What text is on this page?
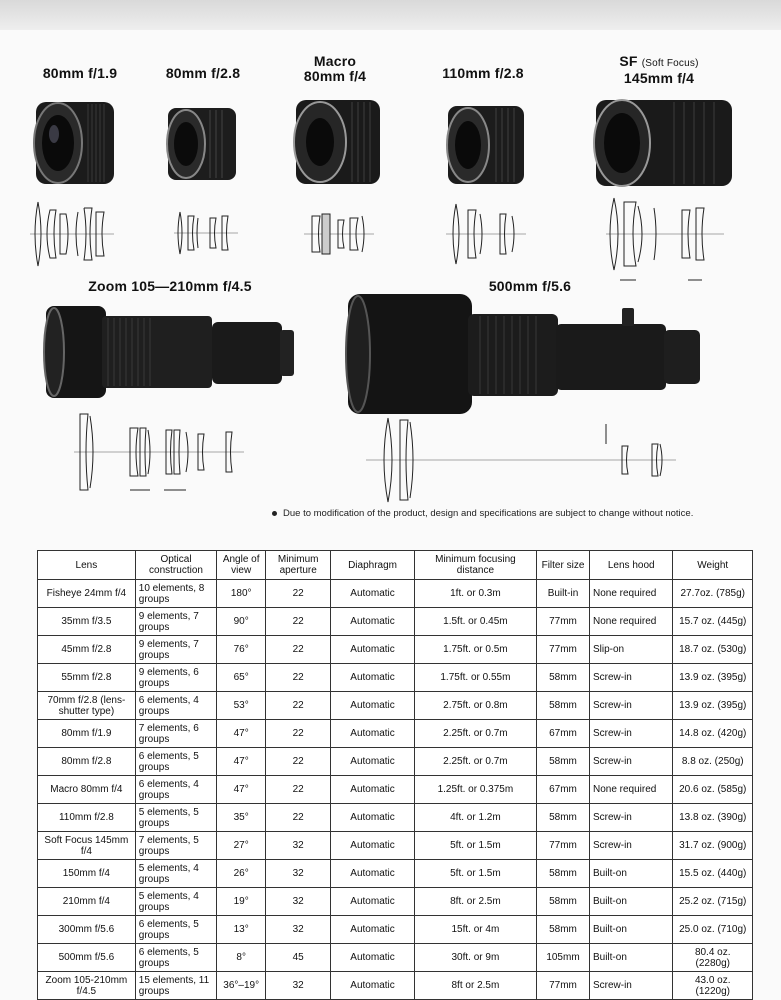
80mm f/1.9	80mm f/2.8
Macro
80mm f/4	110mm f/2.8
SF (Soft Focus)
145mm f/4
Zoom 105—210mm f/4.5	500mm f/5.6
Due to modification of the product, design and specifications are subject to change without notice.
Lens	Optical construction	Angle of view	Minimum aperture	Diaphragm	Minimum focusing distance	Filter size	Lens hood	Weight
Fisheye 24mm f/4	10 elements, 8 groups	180°	22	Automatic	1ft. or 0.3m	Built-in	None required	27.7oz. (785g)
35mm f/3.5	9 elements, 7 groups	90°	22	Automatic	1.5ft. or 0.45m	77mm	None required	15.7 oz. (445g)
45mm f/2.8	9 elements, 7 groups	76°	22	Automatic	1.75ft. or 0.5m	77mm	Slip-on	18.7 oz. (530g)
55mm f/2.8	9 elements, 6 groups	65°	22	Automatic	1.75ft. or 0.55m	58mm	Screw-in	13.9 oz. (395g)
70mm f/2.8 (lens-shutter type)	6 elements, 4 groups	53°	22	Automatic	2.75ft. or 0.8m	58mm	Screw-in	13.9 oz. (395g)
80mm f/1.9	7 elements, 6 groups	47°	22	Automatic	2.25ft. or 0.7m	67mm	Screw-in	14.8 oz. (420g)
80mm f/2.8	6 elements, 5 groups	47°	22	Automatic	2.25ft. or 0.7m	58mm	Screw-in	8.8 oz. (250g)
Macro 80mm f/4	6 elements, 4 groups	47°	22	Automatic	1.25ft. or 0.375m	67mm	None required	20.6 oz. (585g)
110mm f/2.8	5 elements, 5 groups	35°	22	Automatic	4ft. or 1.2m	58mm	Screw-in	13.8 oz. (390g)
Soft Focus 145mm f/4	7 elements, 5 groups	27°	32	Automatic	5ft. or 1.5m	77mm	Screw-in	31.7 oz. (900g)
150mm f/4	5 elements, 4 groups	26°	32	Automatic	5ft. or 1.5m	58mm	Built-on	15.5 oz. (440g)
210mm f/4	5 elements, 4 groups	19°	32	Automatic	8ft. or 2.5m	58mm	Built-on	25.2 oz. (715g)
300mm f/5.6	6 elements, 5 groups	13°	32	Automatic	15ft. or 4m	58mm	Built-on	25.0 oz. (710g)
500mm f/5.6	6 elements, 5 groups	8°	45	Automatic	30ft. or 9m	105mm	Built-on	80.4 oz. (2280g)
Zoom 105-210mm f/4.5	15 elements, 11 groups	36°–19°	32	Automatic	8ft or 2.5m	77mm	Screw-in	43.0 oz. (1220g)
